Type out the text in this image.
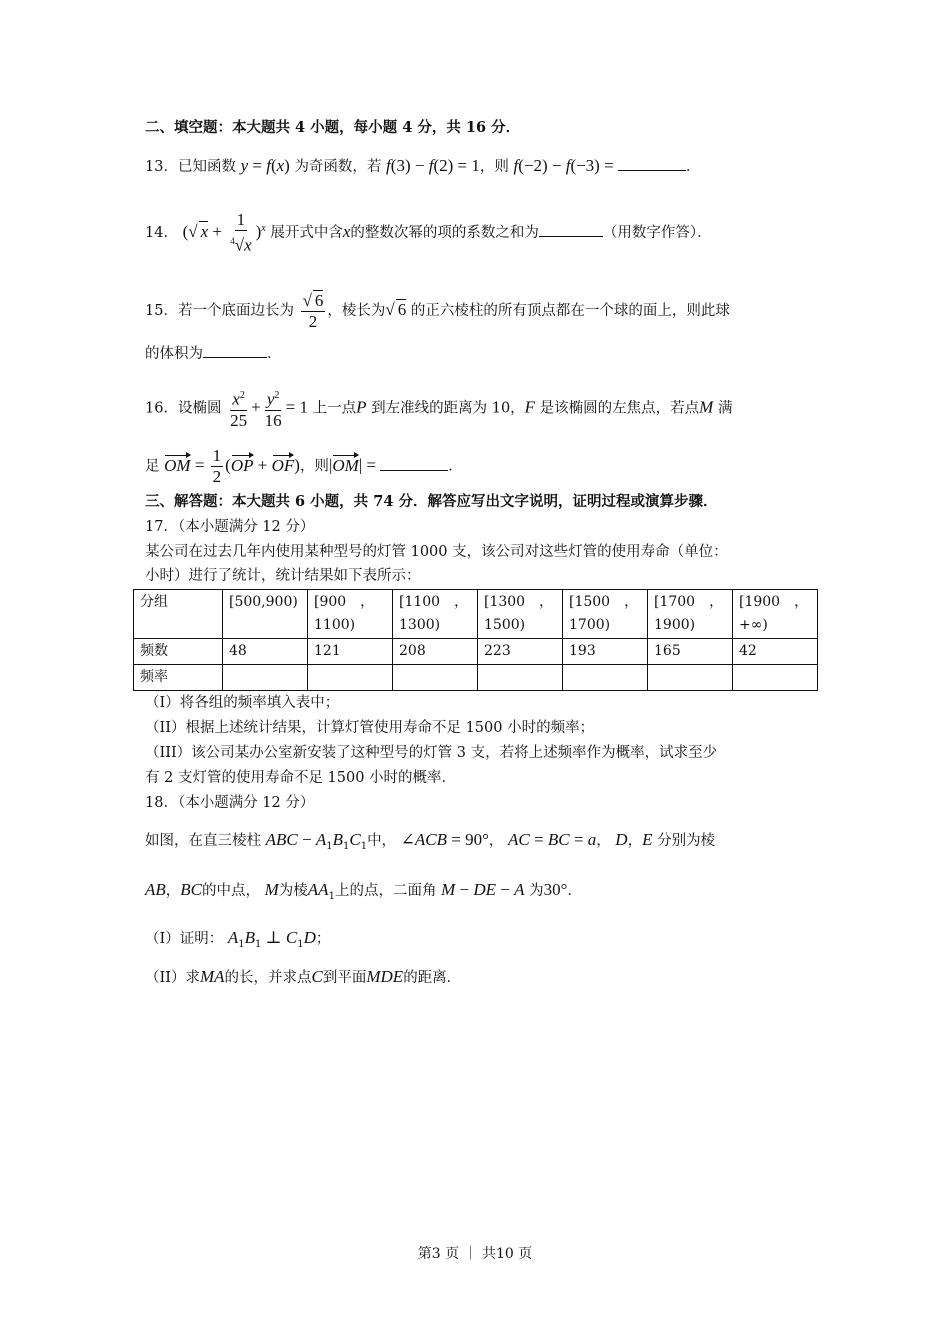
二、填空题：本大题共 4 小题，每小题 4 分，共 16 分．
13．已知函数 y = f(x) 为奇函数，若 f(3) − f(2) = 1，则 f(−2) − f(−3) =	．
14． (√ $x + \frac{1}{^4√x} )^x$ 展开式中含x的整数次幂的项的系数之和为	（用数字作答）．
15．若一个底面边长为 $\frac{√ 6}{2}$ ，棱长为√ 6 的正六棱柱的所有顶点都在一个球的面上，则此球
的体积为	．
16．设椭圆 $\frac{x^2}{25} + \frac{y^2}{16} = 1$ 上一点P 到左准线的距离为 10，F 是该椭圆的左焦点，若点M 满
足 OM = $\frac{1}{2} (OP + OF)$，则|OM| =	．
三、解答题：本大题共 6 小题，共 74 分．解答应写出文字说明，证明过程或演算步骤．
17．（本小题满分 12 分）
某公司在过去几年内使用某种型号的灯管 1000 支，该公司对这些灯管的使用寿命（单位：
小时）进行了统计，统计结果如下表所示：
分组	[500,900)	[900　，1100)	[1100　，1300)	[1300　，1500)	[1500　，1700)	[1700　，1900)	[1900　，+∞)
频数	48	121	208	223	193	165	42
频率							
（I）将各组的频率填入表中；
（II）根据上述统计结果，计算灯管使用寿命不足 1500 小时的频率；
（III）该公司某办公室新安装了这种型号的灯管 3 支，若将上述频率作为概率，试求至少
有 2 支灯管的使用寿命不足 1500 小时的概率．
18．（本小题满分 12 分）
如图，在直三棱柱 ABC − $A_1B_1C_1$中， ∠ACB = 90°， AC = BC = a， D，E 分别为棱
AB，BC的中点， M为棱$AA_1$上的点，二面角 M − DE − A 为30°．
（I）证明： $A_1B_1$ ⊥ $C_1D$；
（II）求MA的长，并求点C到平面MDE的距离．
第3 页 ｜ 共10 页
